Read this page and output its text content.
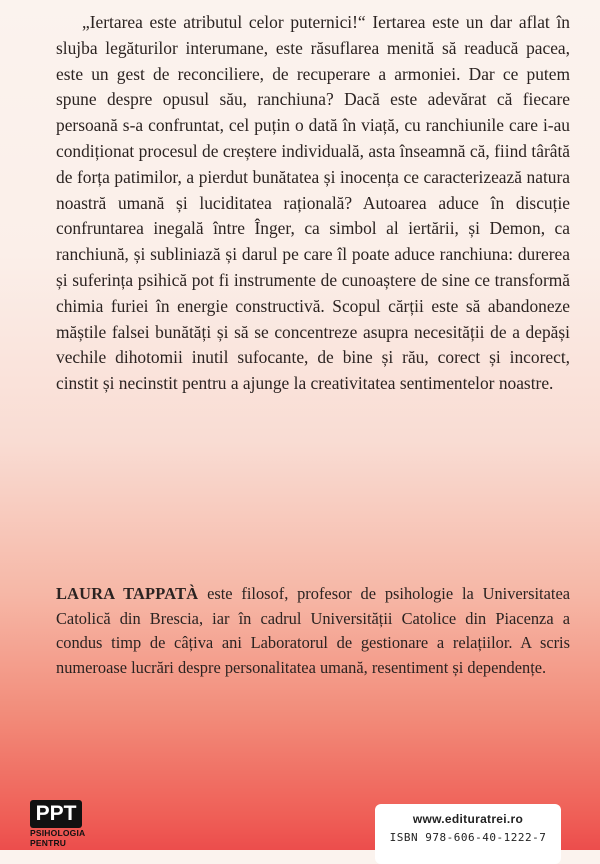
„Iertarea este atributul celor puternici!“ Iertarea este un dar aflat în slujba legăturilor interumane, este răsuflarea menită să readucă pacea, este un gest de reconciliere, de recuperare a armoniei. Dar ce putem spune despre opusul său, ranchiuna? Dacă este adevărat că fiecare persoană s-a confruntat, cel puțin o dată în viață, cu ranchiunile care i-au condiționat procesul de creștere individuală, asta înseamnă că, fiind târâtă de forța patimilor, a pierdut bunătatea și inocența ce caracterizează natura noastră umană și luciditatea rațională? Autoarea aduce în discuție confruntarea inegală între Înger, ca simbol al iertării, și Demon, ca ranchiună, și subliniază și darul pe care îl poate aduce ranchiuna: durerea și suferința psihică pot fi instrumente de cunoaștere de sine ce transformă chimia furiei în energie constructivă. Scopul cărții este să abandoneze măștile falsei bunătăți și să se concentreze asupra necesității de a depăși vechile dihotomii inutil sufocante, de bine și rău, corect și incorect, cinstit și necinstit pentru a ajunge la creativitatea sentimentelor noastre.

LAURA TAPPATÀ este filosof, profesor de psihologie la Universitatea Catolică din Brescia, iar în cadrul Universității Catolice din Piacenza a condus timp de câțiva ani Laboratorul de gestionare a relațiilor. A scris numeroase lucrări despre personalitatea umană, resentiment și dependențe.

PPT
PSIHOLOGIA
PENTRU
www.edituratrei.ro
ISBN 978-606-40-1222-7
